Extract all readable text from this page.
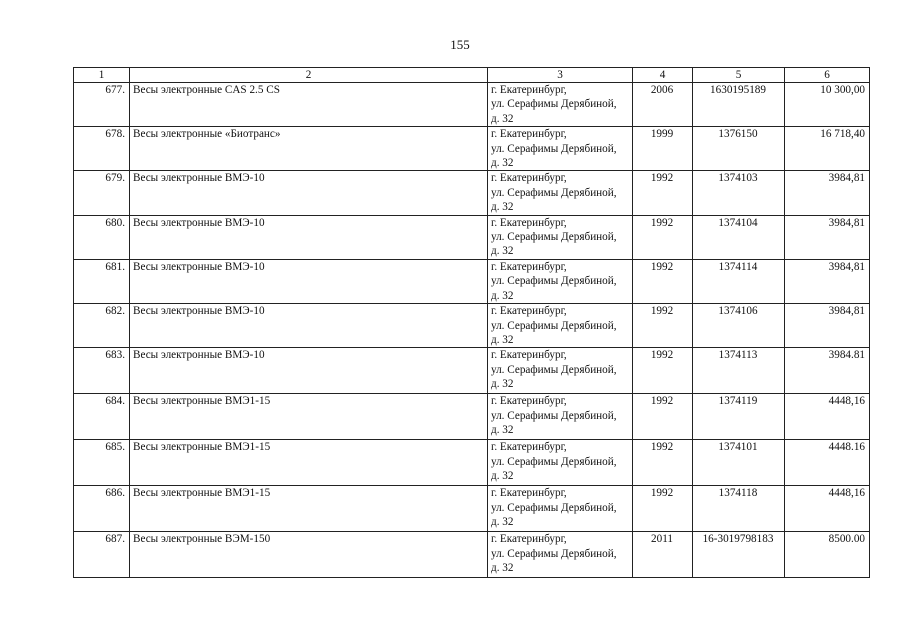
155
1	2	3	4	5	6
677.	Весы электронные CAS 2.5 CS	г. Екатеринбург,
ул. Серафимы Дерябиной,
д. 32	2006	1630195189	10 300,00
678.	Весы электронные «Биотранс»	г. Екатеринбург,
ул. Серафимы Дерябиной,
д. 32	1999	1376150	16 718,40
679.	Весы электронные ВМЭ-10	г. Екатеринбург,
ул. Серафимы Дерябиной,
д. 32	1992	1374103	3984,81
680.	Весы электронные ВМЭ-10	г. Екатеринбург,
ул. Серафимы Дерябиной,
д. 32	1992	1374104	3984,81
681.	Весы электронные ВМЭ-10	г. Екатеринбург,
ул. Серафимы Дерябиной,
д. 32	1992	1374114	3984,81
682.	Весы электронные ВМЭ-10	г. Екатеринбург,
ул. Серафимы Дерябиной,
д. 32	1992	1374106	3984,81
683.	Весы электронные ВМЭ-10	г. Екатеринбург,
ул. Серафимы Дерябиной,
д. 32	1992	1374113	3984.81
684.	Весы электронные ВМЭ1-15	г. Екатеринбург,
ул. Серафимы Дерябиной,
д. 32	1992	1374119	4448,16
685.	Весы электронные ВМЭ1-15	г. Екатеринбург,
ул. Серафимы Дерябиной,
д. 32	1992	1374101	4448.16
686.	Весы электронные ВМЭ1-15	г. Екатеринбург,
ул. Серафимы Дерябиной,
д. 32	1992	1374118	4448,16
687.	Весы электронные ВЭМ-150	г. Екатеринбург,
ул. Серафимы Дерябиной,
д. 32	2011	16-3019798183	8500.00
